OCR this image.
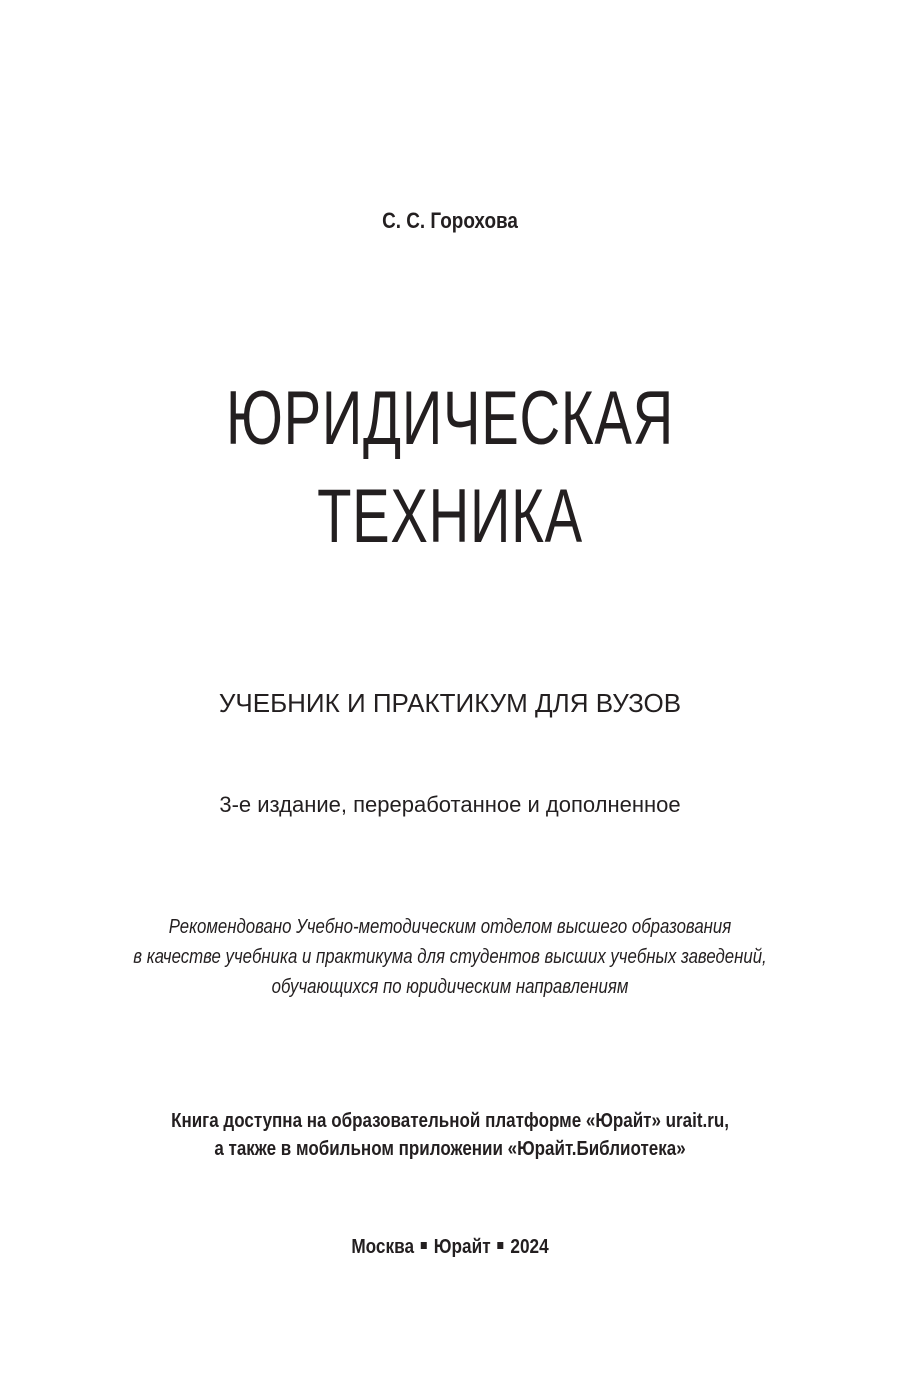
С. С. Горохова
ЮРИДИЧЕСКАЯ
ТЕХНИКА
УЧЕБНИК И ПРАКТИКУМ ДЛЯ ВУЗОВ
3-е издание, переработанное и дополненное
Рекомендовано Учебно-методическим отделом высшего образования
в качестве учебника и практикума для студентов высших учебных заведений,
обучающихся по юридическим направлениям
Книга доступна на образовательной платформе «Юрайт» urait.ru,
а также в мобильном приложении «Юрайт.Библиотека»
Москва Юрайт 2024
